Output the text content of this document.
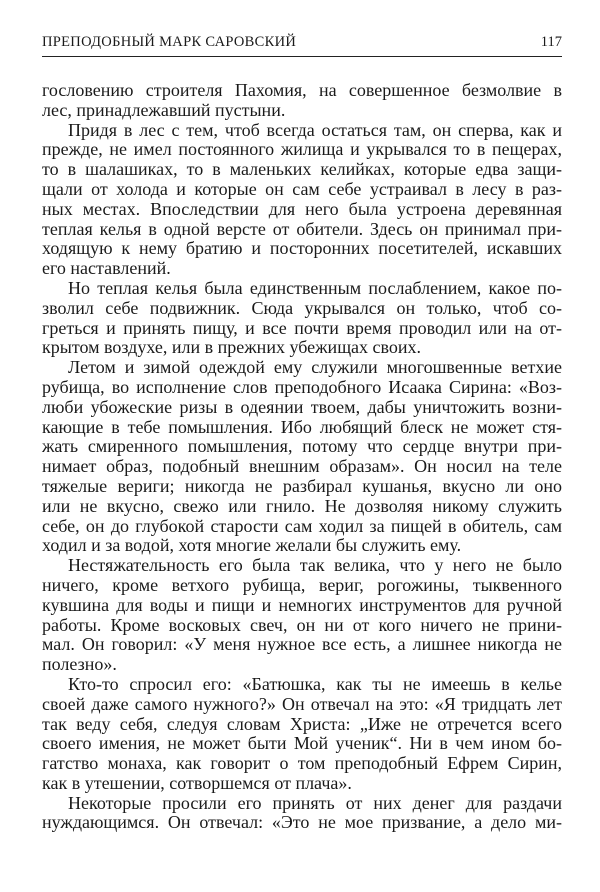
ПРЕПОДОБНЫЙ МАРК САРОВСКИЙ	117
гословению строителя Пахомия, на совершенное безмолвие в
лес, принадлежавший пустыни.
Придя в лес с тем, чтоб всегда остаться там, он сперва, как и
прежде, не имел постоянного жилища и укрывался то в пещерах,
то в шалашиках, то в маленьких келийках, которые едва защи-
щали от холода и которые он сам себе устраивал в лесу в раз-
ных местах. Впоследствии для него была устроена деревянная
теплая келья в одной версте от обители. Здесь он принимал при-
ходящую к нему братию и посторонних посетителей, искавших
его наставлений.
Но теплая келья была единственным послаблением, какое по-
зволил себе подвижник. Сюда укрывался он только, чтоб со-
греться и принять пищу, и все почти время проводил или на от-
крытом воздухе, или в прежних убежищах своих.
Летом и зимой одеждой ему служили многошвенные ветхие
рубища, во исполнение слов преподобного Исаака Сирина: «Воз-
люби убожеские ризы в одеянии твоем, дабы уничтожить возни-
кающие в тебе помышления. Ибо любящий блеск не может стя-
жать смиренного помышления, потому что сердце внутри при-
нимает образ, подобный внешним образам». Он носил на теле
тяжелые вериги; никогда не разбирал кушанья, вкусно ли оно
или не вкусно, свежо или гнило. Не дозволяя никому служить
себе, он до глубокой старости сам ходил за пищей в обитель, сам
ходил и за водой, хотя многие желали бы служить ему.
Нестяжательность его была так велика, что у него не было
ничего, кроме ветхого рубища, вериг, рогожины, тыквенного
кувшина для воды и пищи и немногих инструментов для ручной
работы. Кроме восковых свеч, он ни от кого ничего не прини-
мал. Он говорил: «У меня нужное все есть, а лишнее никогда не
полезно».
Кто-то спросил его: «Батюшка, как ты не имеешь в келье
своей даже самого нужного?» Он отвечал на это: «Я тридцать лет
так веду себя, следуя словам Христа: „Иже не отречется всего
своего имения, не может быти Мой ученик“. Ни в чем ином бо-
гатство монаха, как говорит о том преподобный Ефрем Сирин,
как в утешении, сотворшемся от плача».
Некоторые просили его принять от них денег для раздачи
нуждающимся. Он отвечал: «Это не мое призвание, а дело ми-
